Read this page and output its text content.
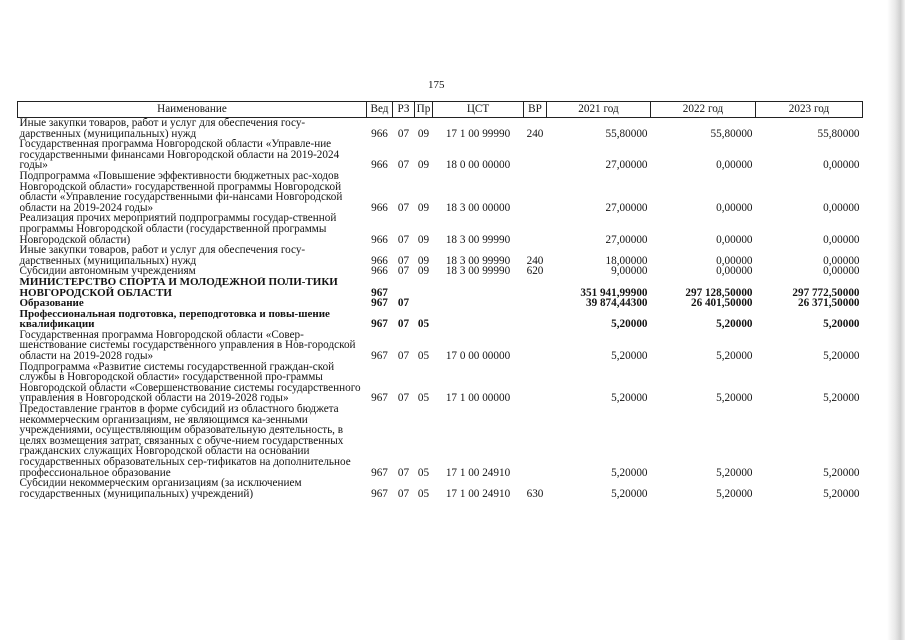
175
Наименование	Вед	РЗ	Пр	ЦСТ	ВР	2021 год	2022 год	2023 год
Иные закупки товаров, работ и услуг для обеспечения госу-дарственных (муниципальных) нужд	966	07	09	17 1 00 99990	240	55,80000	55,80000	55,80000
Государственная программа Новгородской области «Управле-ние государственными финансами Новгородской области на 2019-2024 годы»	966	07	09	18 0 00 00000		27,00000	0,00000	0,00000
Подпрограмма «Повышение эффективности бюджетных рас-ходов Новгородской области» государственной программы Новгородской области «Управление государственными фи-нансами Новгородской области на 2019-2024 годы»	966	07	09	18 3 00 00000		27,00000	0,00000	0,00000
Реализация прочих мероприятий подпрограммы государ-ственной программы Новгородской области (государственной программы Новгородской области)	966	07	09	18 3 00 99990		27,00000	0,00000	0,00000
Иные закупки товаров, работ и услуг для обеспечения госу-дарственных (муниципальных) нужд	966	07	09	18 3 00 99990	240	18,00000	0,00000	0,00000
Субсидии автономным учреждениям	966	07	09	18 3 00 99990	620	9,00000	0,00000	0,00000
МИНИСТЕРСТВО СПОРТА И МОЛОДЕЖНОЙ ПОЛИ-ТИКИ НОВГОРОДСКОЙ ОБЛАСТИ	967					351 941,99900	297 128,50000	297 772,50000
Образование	967	07				39 874,44300	26 401,50000	26 371,50000
Профессиональная подготовка, переподготовка и повы-шение квалификации	967	07	05			5,20000	5,20000	5,20000
Государственная программа Новгородской области «Совер-шенствование системы государственного управления в Нов-городской области на 2019-2028 годы»	967	07	05	17 0 00 00000		5,20000	5,20000	5,20000
Подпрограмма «Развитие системы государственной граждан-ской службы в Новгородской области» государственной про-граммы Новгородской области «Совершенствование системы государственного управления в Новгородской области на 2019-2028 годы»	967	07	05	17 1 00 00000		5,20000	5,20000	5,20000
Предоставление грантов в форме субсидий из областного бюджета некоммерческим организациям, не являющимся ка-зенными учреждениями, осуществляющим образовательную деятельность, в целях возмещения затрат, связанных с обуче-нием государственных гражданских служащих Новгородской области на основании государственных образовательных сер-тификатов на дополнительное профессиональное образование	967	07	05	17 1 00 24910		5,20000	5,20000	5,20000
Субсидии некоммерческим организациям (за исключением государственных (муниципальных) учреждений)	967	07	05	17 1 00 24910	630	5,20000	5,20000	5,20000
